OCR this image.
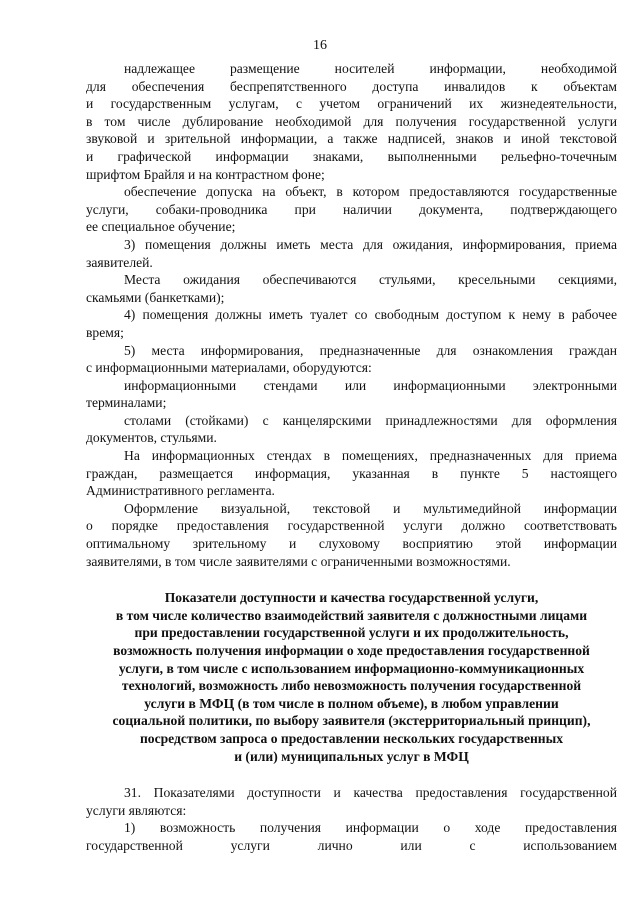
16
надлежащее размещение носителей информации, необходимой
для обеспечения беспрепятственного доступа инвалидов к объектам
и государственным услугам, с учетом ограничений их жизнедеятельности,
в том числе дублирование необходимой для получения государственной услуги
звуковой и зрительной информации, а также надписей, знаков и иной текстовой
и графической информации знаками, выполненными рельефно-точечным
шрифтом Брайля и на контрастном фоне;
обеспечение допуска на объект, в котором предоставляются государственные
услуги, собаки-проводника при наличии документа, подтверждающего
ее специальное обучение;
3) помещения должны иметь места для ожидания, информирования, приема
заявителей.
Места ожидания обеспечиваются стульями, кресельными секциями,
скамьями (банкетками);
4) помещения должны иметь туалет со свободным доступом к нему в рабочее
время;
5) места информирования, предназначенные для ознакомления граждан
с информационными материалами, оборудуются:
информационными стендами или информационными электронными
терминалами;
столами (стойками) с канцелярскими принадлежностями для оформления
документов, стульями.
На информационных стендах в помещениях, предназначенных для приема
граждан, размещается информация, указанная в пункте 5 настоящего
Административного регламента.
Оформление визуальной, текстовой и мультимедийной информации
о порядке предоставления государственной услуги должно соответствовать
оптимальному зрительному и слуховому восприятию этой информации
заявителями, в том числе заявителями с ограниченными возможностями.
Показатели доступности и качества государственной услуги,
в том числе количество взаимодействий заявителя с должностными лицами
при предоставлении государственной услуги и их продолжительность,
возможность получения информации о ходе предоставления государственной
услуги, в том числе с использованием информационно-коммуникационных
технологий, возможность либо невозможность получения государственной
услуги в МФЦ (в том числе в полном объеме), в любом управлении
социальной политики, по выбору заявителя (экстерриториальный принцип),
посредством запроса о предоставлении нескольких государственных
и (или) муниципальных услуг в МФЦ
31. Показателями доступности и качества предоставления государственной
услуги являются:
1) возможность получения информации о ходе предоставления
государственной услуги лично или с использованием
